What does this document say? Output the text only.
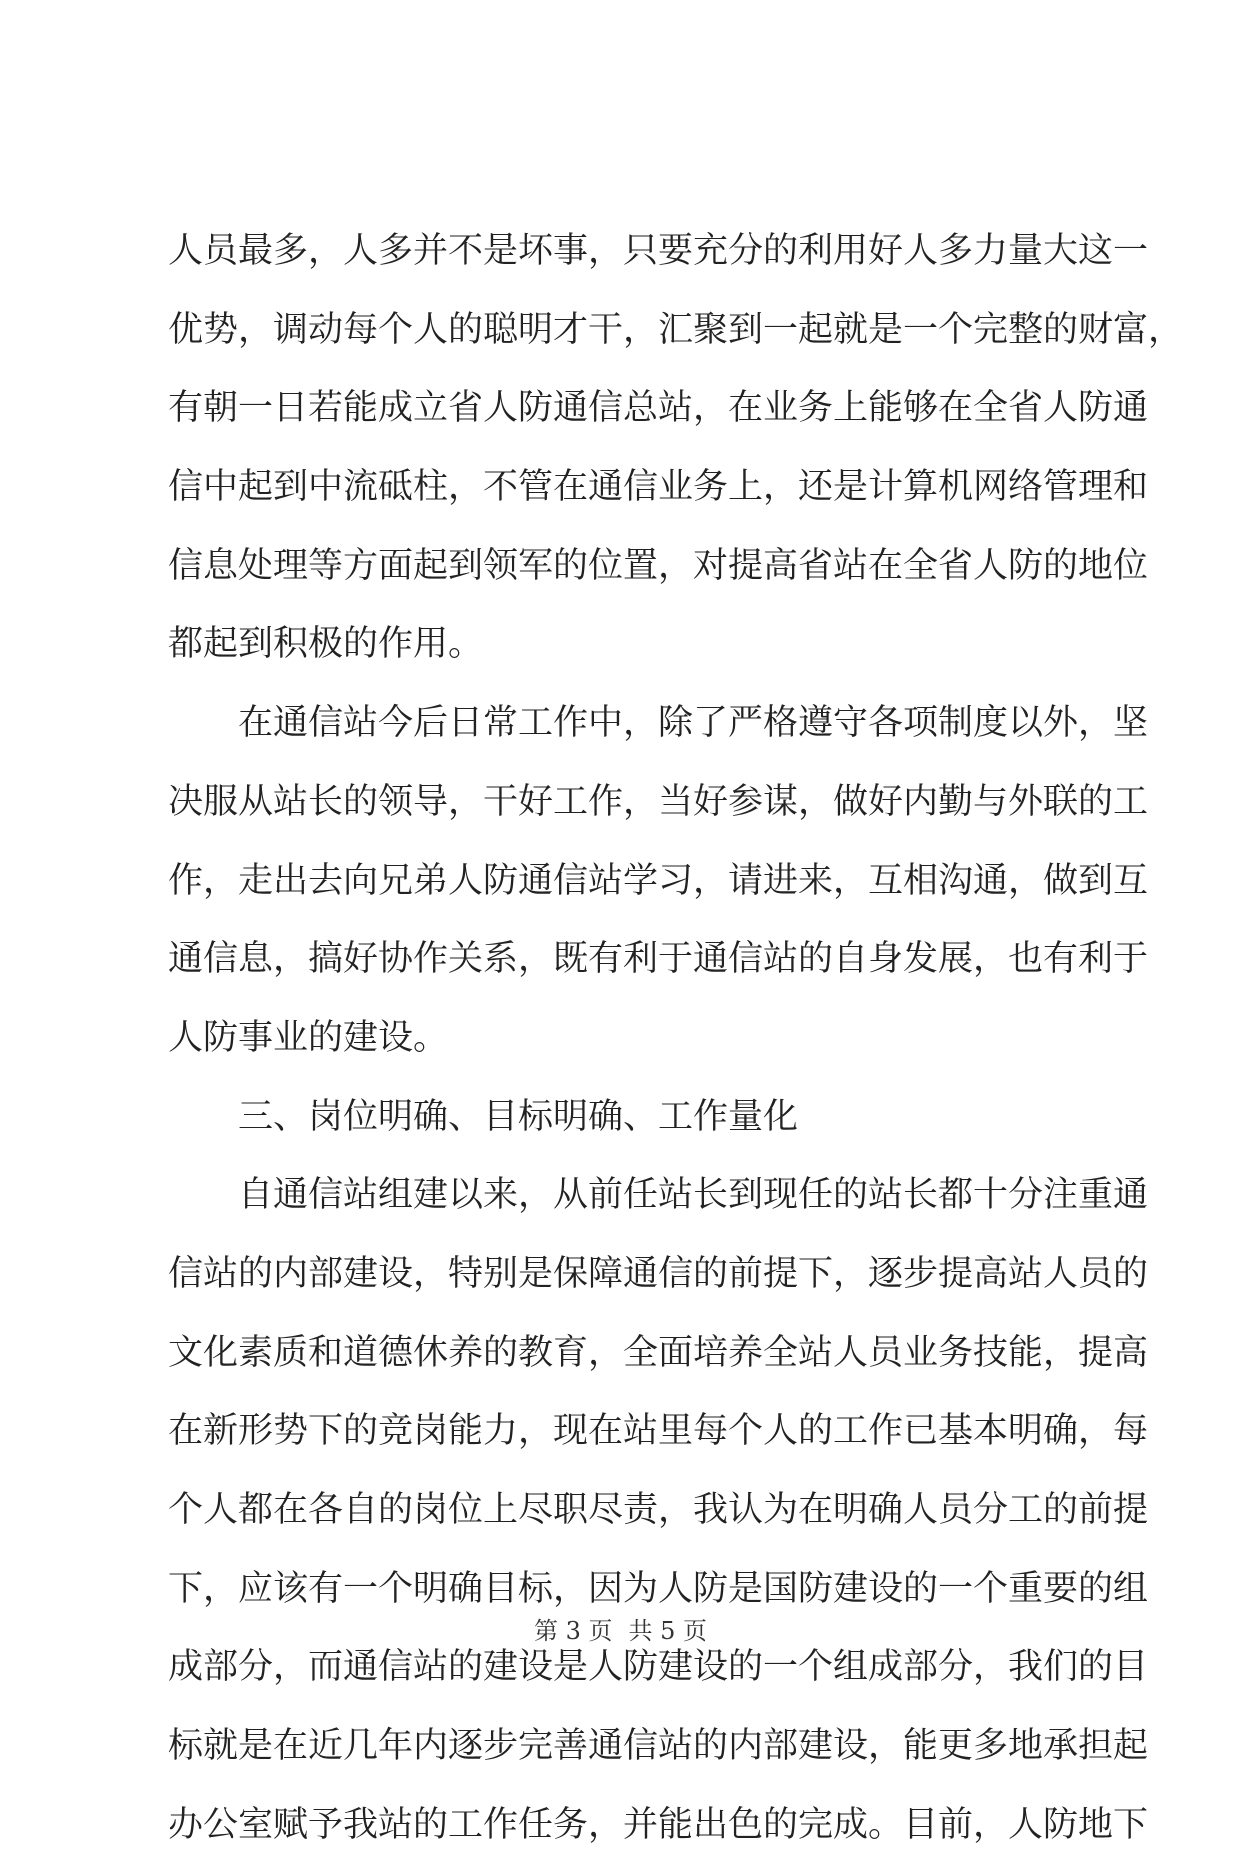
人员最多，人多并不是坏事，只要充分的利用好人多力量大这一
优势，调动每个人的聪明才干，汇聚到一起就是一个完整的财富，
有朝一日若能成立省人防通信总站，在业务上能够在全省人防通
信中起到中流砥柱，不管在通信业务上，还是计算机网络管理和
信息处理等方面起到领军的位置，对提高省站在全省人防的地位
都起到积极的作用。
在通信站今后日常工作中，除了严格遵守各项制度以外，坚
决服从站长的领导，干好工作，当好参谋，做好内勤与外联的工
作，走出去向兄弟人防通信站学习，请进来，互相沟通，做到互
通信息，搞好协作关系，既有利于通信站的自身发展，也有利于
人防事业的建设。
三、岗位明确、目标明确、工作量化
自通信站组建以来，从前任站长到现任的站长都十分注重通
信站的内部建设，特别是保障通信的前提下，逐步提高站人员的
文化素质和道德休养的教育，全面培养全站人员业务技能，提高
在新形势下的竞岗能力，现在站里每个人的工作已基本明确，每
个人都在各自的岗位上尽职尽责，我认为在明确人员分工的前提
下，应该有一个明确目标，因为人防是国防建设的一个重要的组
成部分，而通信站的建设是人防建设的一个组成部分，我们的目
标就是在近几年内逐步完善通信站的内部建设，能更多地承担起
办公室赋予我站的工作任务，并能出色的完成。目前，人防地下
第 3 页 共 5 页
